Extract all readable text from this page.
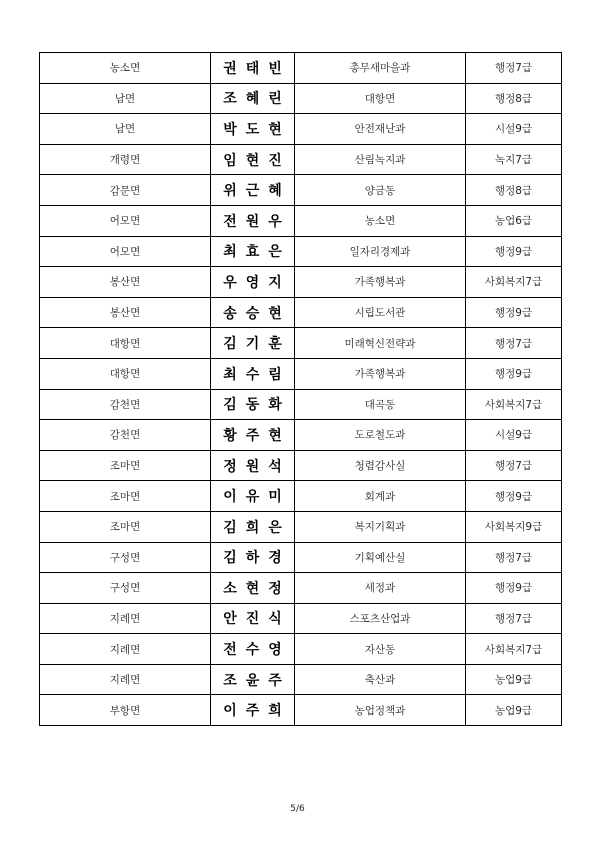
농소면	권태빈	총무새마을과	행정7급
남면	조혜린	대항면	행정8급
남면	박도현	안전재난과	시설9급
개령면	임현진	산림녹지과	녹지7급
감문면	위근혜	양금동	행정8급
어모면	전원우	농소면	농업6급
어모면	최효은	일자리경제과	행정9급
봉산면	우영지	가족행복과	사회복지7급
봉산면	송승현	시립도서관	행정9급
대항면	김기훈	미래혁신전략과	행정7급
대항면	최수림	가족행복과	행정9급
감천면	김동화	대곡동	사회복지7급
감천면	황주현	도로철도과	시설9급
조마면	정원석	청렴감사실	행정7급
조마면	이유미	회계과	행정9급
조마면	김희은	복지기획과	사회복지9급
구성면	김하경	기획예산실	행정7급
구성면	소현정	세정과	행정9급
지례면	안진식	스포츠산업과	행정7급
지례면	전수영	자산동	사회복지7급
지례면	조윤주	축산과	농업9급
부항면	이주희	농업정책과	농업9급
5/6
